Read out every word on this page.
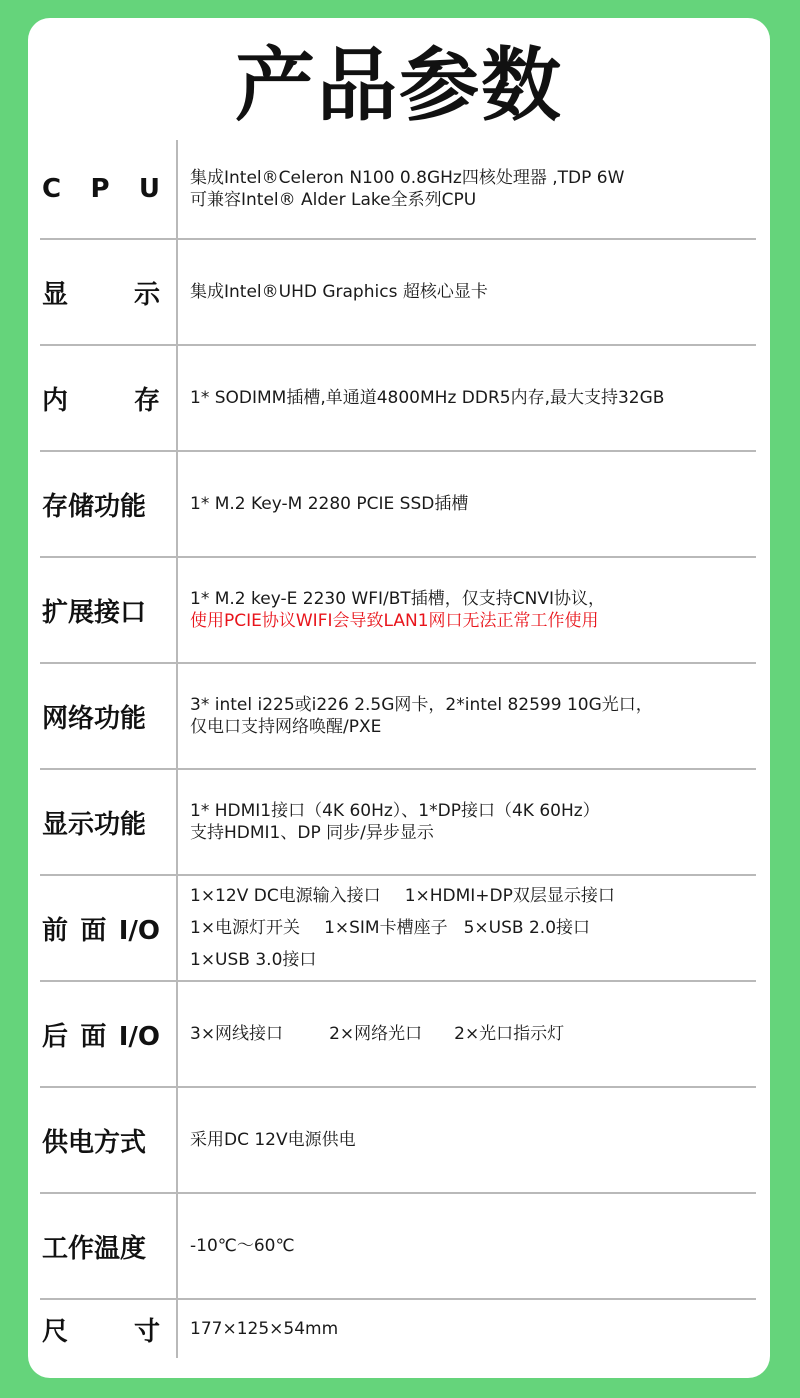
产品参数
C P U 集成Intel®Celeron N100 0.8GHz四核处理器 ,TDP 6W
可兼容Intel® Alder Lake全系列CPU
显示 集成Intel®UHD Graphics 超核心显卡
内存 1* SODIMM插槽,单通道4800MHz DDR5内存,最大支持32GB
存储功能	1* M.2 Key-M 2280 PCIE SSD插槽
扩展接口	1* M.2 key-E 2230 WFI/BT插槽，仅支持CNVI协议，
使用PCIE协议WIFI会导致LAN1网口无法正常工作使用
网络功能	3* intel i225或i226 2.5G网卡，2*intel 82599 10G光口，
仅电口支持网络唤醒/PXE
显示功能	1* HDMI1接口（4K 60Hz）、1*DP接口（4K 60Hz）
支持HDMI1、DP 同步/异步显示
前面I/O
1×12V DC电源输入接口 1×HDMI+DP双层显示接口
1×电源灯开关 1×SIM卡槽座子 5×USB 2.0接口
1×USB 3.0接口
后面I/O 3×网线接口	2×网络光口 2×光口指示灯
供电方式	采用DC 12V电源供电
工作温度	-10℃～60℃
尺寸 177×125×54mm
